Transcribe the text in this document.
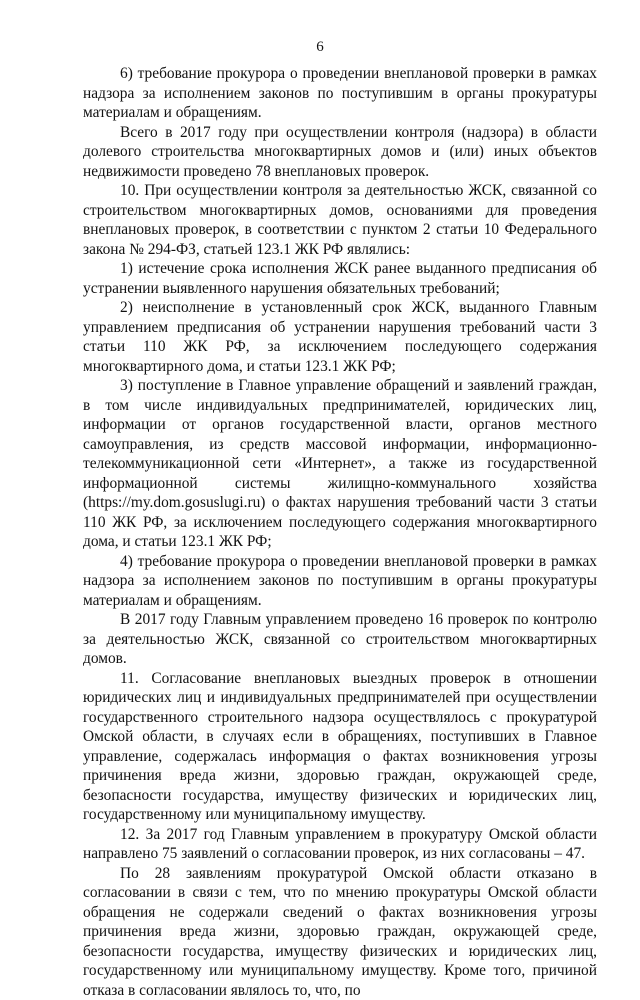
6

6) требование прокурора о проведении внеплановой проверки в рамках надзора за исполнением законов по поступившим в органы прокуратуры материалам и обращениям.

Всего в 2017 году при осуществлении контроля (надзора) в области долевого строительства многоквартирных домов и (или) иных объектов недвижимости проведено 78 внеплановых проверок.

10. При осуществлении контроля за деятельностью ЖСК, связанной со строительством многоквартирных домов, основаниями для проведения внеплановых проверок, в соответствии с пунктом 2 статьи 10 Федерального закона № 294-ФЗ, статьей 123.1 ЖК РФ являлись:

1) истечение срока исполнения ЖСК ранее выданного предписания об устранении выявленного нарушения обязательных требований;

2) неисполнение в установленный срок ЖСК, выданного Главным управлением предписания об устранении нарушения требований части 3 статьи 110 ЖК РФ, за исключением последующего содержания многоквартирного дома, и статьи 123.1 ЖК РФ;

3) поступление в Главное управление обращений и заявлений граждан, в том числе индивидуальных предпринимателей, юридических лиц, информации от органов государственной власти, органов местного самоуправления, из средств массовой информации, информационно-телекоммуникационной сети «Интернет», а также из государственной информационной системы жилищно-коммунального хозяйства (https://my.dom.gosuslugi.ru) о фактах нарушения требований части 3 статьи 110 ЖК РФ, за исключением последующего содержания многоквартирного дома, и статьи 123.1 ЖК РФ;

4) требование прокурора о проведении внеплановой проверки в рамках надзора за исполнением законов по поступившим в органы прокуратуры материалам и обращениям.

В 2017 году Главным управлением проведено 16 проверок по контролю за деятельностью ЖСК, связанной со строительством многоквартирных домов.

11. Согласование внеплановых выездных проверок в отношении юридических лиц и индивидуальных предпринимателей при осуществлении государственного строительного надзора осуществлялось с прокуратурой Омской области, в случаях если в обращениях, поступивших в Главное управление, содержалась информация о фактах возникновения угрозы причинения вреда жизни, здоровью граждан, окружающей среде, безопасности государства, имуществу физических и юридических лиц, государственному или муниципальному имуществу.

12. За 2017 год Главным управлением в прокуратуру Омской области направлено 75 заявлений о согласовании проверок, из них согласованы – 47.

По 28 заявлениям прокуратурой Омской области отказано в согласовании в связи с тем, что по мнению прокуратуры Омской области обращения не содержали сведений о фактах возникновения угрозы причинения вреда жизни, здоровью граждан, окружающей среде, безопасности государства, имуществу физических и юридических лиц, государственному или муниципальному имуществу. Кроме того, причиной отказа в согласовании являлось то, что, по
